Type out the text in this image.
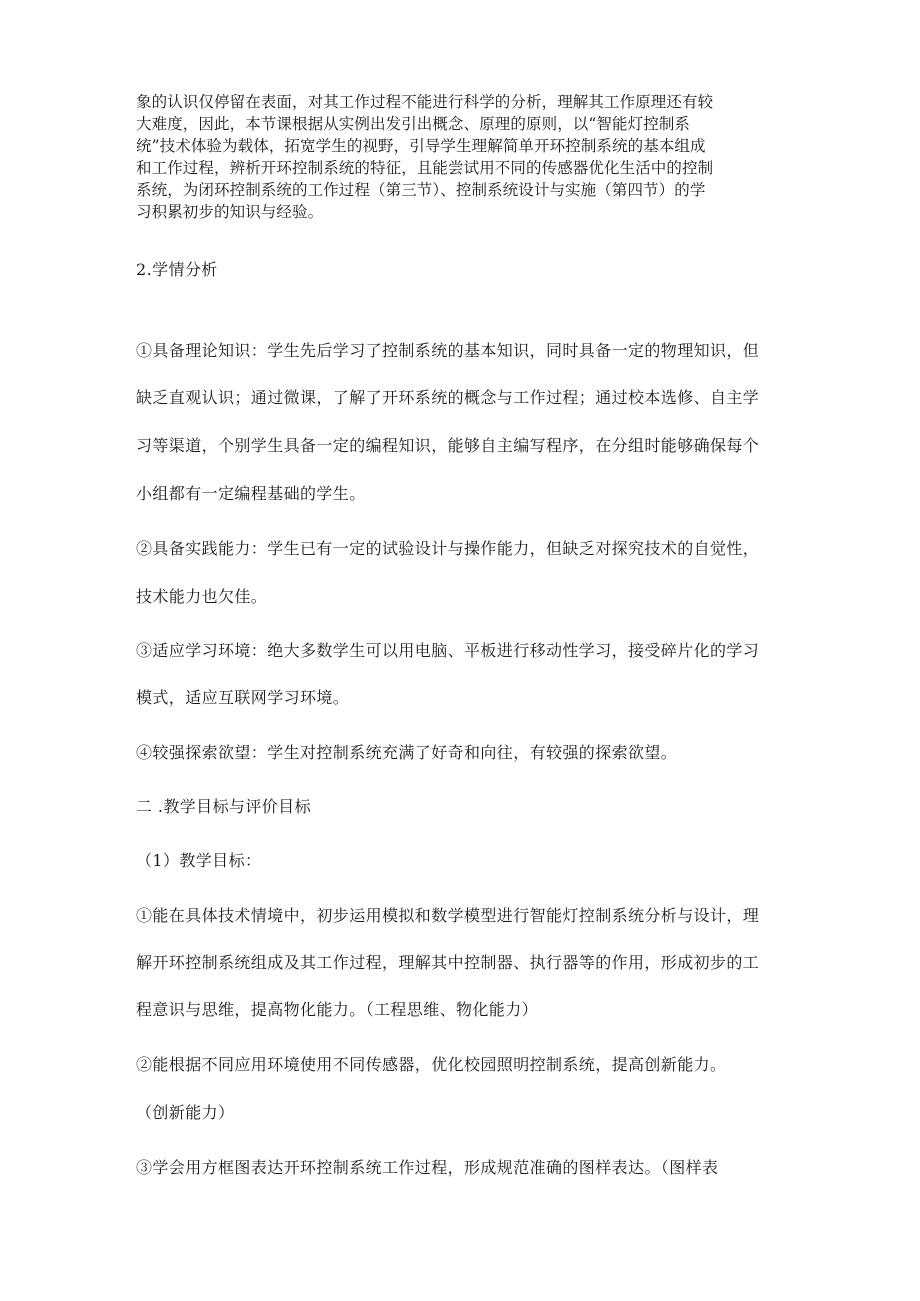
象的认识仅停留在表面，对其工作过程不能进行科学的分析，理解其工作原理还有较
大难度，因此，本节课根据从实例出发引出概念、原理的原则，以“智能灯控制系
统”技术体验为载体，拓宽学生的视野，引导学生理解简单开环控制系统的基本组成
和工作过程，辨析开环控制系统的特征，且能尝试用不同的传感器优化生活中的控制
系统，为闭环控制系统的工作过程（第三节）、控制系统设计与实施（第四节）的学
习积累初步的知识与经验。
2.学情分析
①具备理论知识：学生先后学习了控制系统的基本知识，同时具备一定的物理知识，但
缺乏直观认识；通过微课，了解了开环系统的概念与工作过程；通过校本选修、自主学
习等渠道，个别学生具备一定的编程知识，能够自主编写程序，在分组时能够确保每个
小组都有一定编程基础的学生。
②具备实践能力：学生已有一定的试验设计与操作能力，但缺乏对探究技术的自觉性，
技术能力也欠佳。
③适应学习环境：绝大多数学生可以用电脑、平板进行移动性学习，接受碎片化的学习
模式，适应互联网学习环境。
④较强探索欲望：学生对控制系统充满了好奇和向往，有较强的探索欲望。
二 .教学目标与评价目标
（1）教学目标：
①能在具体技术情境中，初步运用模拟和数学模型进行智能灯控制系统分析与设计，理
解开环控制系统组成及其工作过程，理解其中控制器、执行器等的作用，形成初步的工
程意识与思维，提高物化能力。（工程思维、物化能力）
②能根据不同应用环境使用不同传感器，优化校园照明控制系统，提高创新能力。
（创新能力）
③学会用方框图表达开环控制系统工作过程，形成规范准确的图样表达。（图样表
